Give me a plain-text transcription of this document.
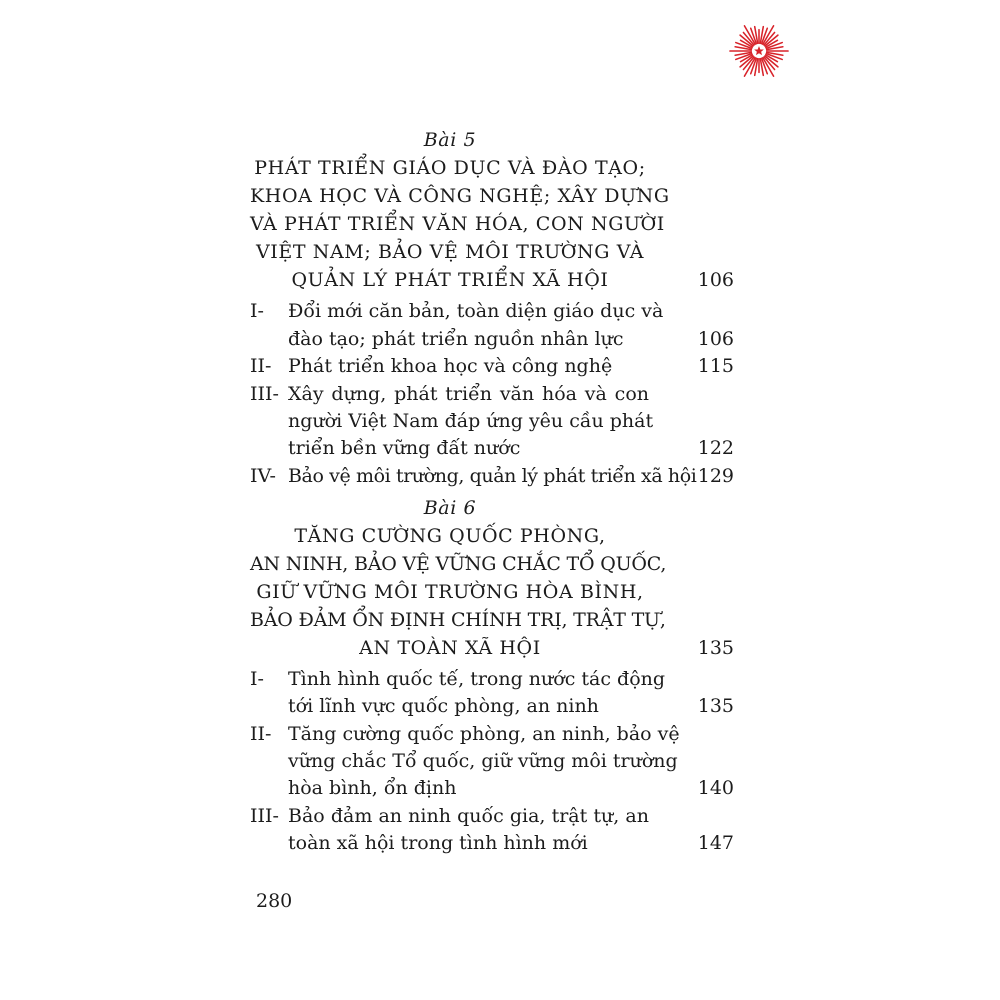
Bài 5
PHÁT TRIỂN GIÁO DỤC VÀ ĐÀO TẠO;
KHOA HỌC VÀ CÔNG NGHỆ; XÂY DỰNG
VÀ PHÁT TRIỂN VĂN HÓA, CON NGƯỜI
VIỆT NAM; BẢO VỆ MÔI TRƯỜNG VÀ
QUẢN LÝ PHÁT TRIỂN XÃ HỘI	106
I- Đổi mới căn bản, toàn diện giáo dục và
đào tạo; phát triển nguồn nhân lực	106
II- Phát triển khoa học và công nghệ	115
III- Xây dựng, phát triển văn hóa và con
người Việt Nam đáp ứng yêu cầu phát
triển bền vững đất nước	122
IV- Bảo vệ môi trường, quản lý phát triển xã hội 129
Bài 6
TĂNG CƯỜNG QUỐC PHÒNG,
AN NINH, BẢO VỆ VỮNG CHẮC TỔ QUỐC,
GIỮ VỮNG MÔI TRƯỜNG HÒA BÌNH,
BẢO ĐẢM ỔN ĐỊNH CHÍNH TRỊ, TRẬT TỰ,
AN TOÀN XÃ HỘI	135
I- Tình hình quốc tế, trong nước tác động
tới lĩnh vực quốc phòng, an ninh	135
II- Tăng cường quốc phòng, an ninh, bảo vệ
vững chắc Tổ quốc, giữ vững môi trường
hòa bình, ổn định	140
III- Bảo đảm an ninh quốc gia, trật tự, an
toàn xã hội trong tình hình mới	147
280
